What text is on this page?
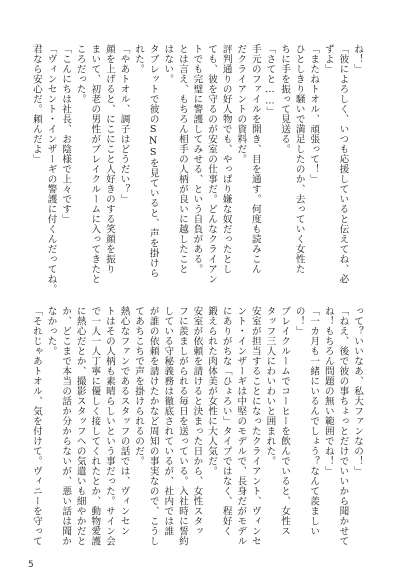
ね！」
「彼によろしく、いつも応援していると伝えてね、必
ずよ」
「またねトオル、頑張って！」
ひとしきり騒いで満足したのか、去っていく女性た
ちに手を振って見送る。
「さてと……」
手元のファイルを開き、目を通す。何度も読みこん
だクライアントの資料だ。
評判通りの好人物でも、やっぱり嫌な奴だったとし
ても、彼を守るのが安室の仕事だ。どんなクライアン
トでも完璧に警護してみせる、という自負がある。
とは言え、もちろん相手の人柄が良いに越したこと
はない。
タブレットで彼のSNSを見ていると、声を掛けら
れた。
「やあトオル、調子はどうだい？」
顔を上げると、にこにこと人好きのする笑顔を振り
まいて、初老の男性がブレイクルームに入ってきたと
ころだった。
「こんにちは社長、お陰様で上々です」
「ヴィンセント・インザーギの警護に付くんだってね。
君なら安心だ。頼んだよ」
って？いいなあ、私大ファンなの！」
「ねえ、後で彼の事ちょっとだけでいいから聞かせて
ね！もちろん問題の無い範囲でね！」
「一カ月も一緒にいるんでしょう？なんて羨ましい
の！」
ブレイクルームでコーヒーを飲んでいると、女性ス
タッフ三人にわいわいと囲まれた。
安室が担当することになったクライアント、ヴィンセ
ント・インザーギは中堅のモデルで、長身だがモデル
にありがちな「ひょろい」タイプではなく、程好く
鍛えられた肉体美が女性に大人気だ。
安室が依頼を請けると決まった日から、女性スタッ
フに羨ましがられる毎日を送っている。入社時に誓約
している守秘義務は徹底されているが、社内では誰
が誰の依頼を請けたかなど周知の事実なので、こうし
てあちこちで声を掛けられるのだ。
熱心なファンであるスタッフの話では、ヴィンセン
トはその人柄も素晴らしいという事だった。サイン会
で一人一人丁寧に優しく接してくれたとか、動物愛護
に熱心だとか、撮影スタッフへの気遣いも細やかだと
か、どこまで本当の話か分からないが、悪い話は聞か
なかった。
「それじゃあトオル、気を付けて。ヴィニーを守って
5
